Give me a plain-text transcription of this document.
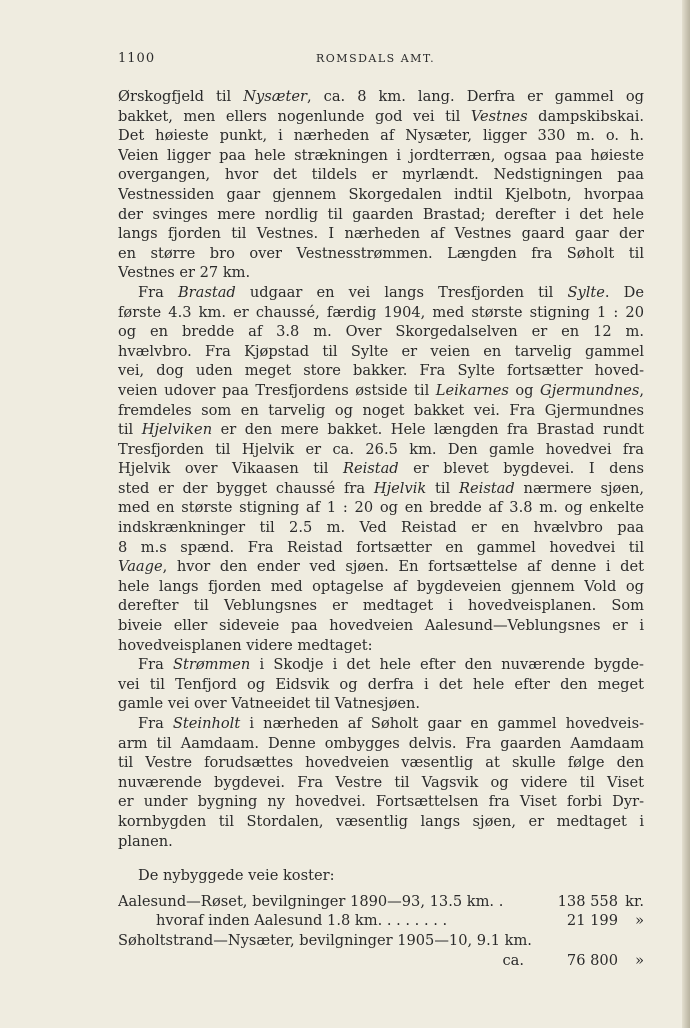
1100	ROMSDALS AMT.
Ørskogfjeld til Nysæter, ca. 8 km. lang. Derfra er gammel og
bakket, men ellers nogenlunde god vei til Vestnes dampskibskai.
Det høieste punkt, i nærheden af Nysæter, ligger 330 m. o. h.
Veien ligger paa hele strækningen i jordterræn, ogsaa paa høieste
overgangen, hvor det tildels er myrlændt. Nedstigningen paa
Vestnessiden gaar gjennem Skorgedalen indtil Kjelbotn, hvorpaa
der svinges mere nordlig til gaarden Brastad; derefter i det hele
langs fjorden til Vestnes. I nærheden af Vestnes gaard gaar der
en større bro over Vestnesstrømmen. Længden fra Søholt til
Vestnes er 27 km.
Fra Brastad udgaar en vei langs Tresfjorden til Sylte. De
første 4.3 km. er chaussé, færdig 1904, med største stigning 1 : 20
og en bredde af 3.8 m. Over Skorgedalselven er en 12 m.
hvælvbro. Fra Kjøpstad til Sylte er veien en tarvelig gammel
vei, dog uden meget store bakker. Fra Sylte fortsætter hoved-
veien udover paa Tresfjordens østside til Leikarnes og Gjermundnes,
fremdeles som en tarvelig og noget bakket vei. Fra Gjermundnes
til Hjelviken er den mere bakket. Hele længden fra Brastad rundt
Tresfjorden til Hjelvik er ca. 26.5 km. Den gamle hovedvei fra
Hjelvik over Vikaasen til Reistad er blevet bygdevei. I dens
sted er der bygget chaussé fra Hjelvik til Reistad nærmere sjøen,
med en største stigning af 1 : 20 og en bredde af 3.8 m. og enkelte
indskrænkninger til 2.5 m. Ved Reistad er en hvælvbro paa
8 m.s spænd. Fra Reistad fortsætter en gammel hovedvei til
Vaage, hvor den ender ved sjøen. En fortsættelse af denne i det
hele langs fjorden med optagelse af bygdeveien gjennem Vold og
derefter til Veblungsnes er medtaget i hovedveisplanen. Som
biveie eller sideveie paa hovedveien Aalesund—Veblungsnes er i
hovedveisplanen videre medtaget:
Fra Strømmen i Skodje i det hele efter den nuværende bygde-
vei til Tenfjord og Eidsvik og derfra i det hele efter den meget
gamle vei over Vatneeidet til Vatnesjøen.
Fra Steinholt i nærheden af Søholt gaar en gammel hovedveis-
arm til Aamdaam. Denne ombygges delvis. Fra gaarden Aamdaam
til Vestre forudsættes hovedveien væsentlig at skulle følge den
nuværende bygdevei. Fra Vestre til Vagsvik og videre til Viset
er under bygning ny hovedvei. Fortsættelsen fra Viset forbi Dyr-
kornbygden til Stordalen, væsentlig langs sjøen, er medtaget i
planen.
De nybyggede veie koster:
Aalesund—Røset, bevilgninger 1890—93, 13.5 km. .	138 558 kr.
hvoraf inden Aalesund 1.8 km. . . . . . . .	21 199	»
Søholtstrand—Nysæter, bevilgninger 1905—10, 9.1 km.
ca.	76 800	»
